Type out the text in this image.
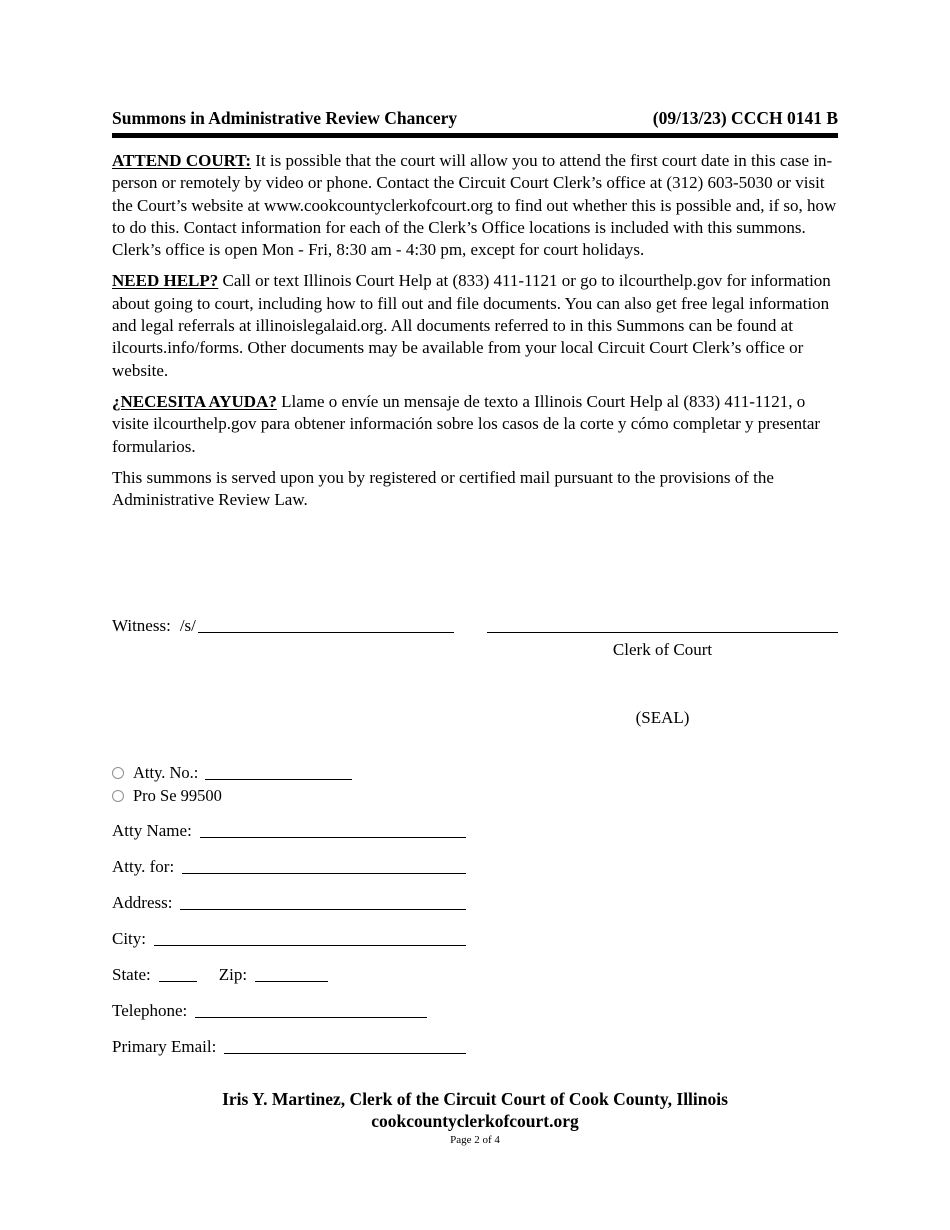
Summons in Administrative Review Chancery	(09/13/23) CCCH 0141 B

ATTEND COURT: It is possible that the court will allow you to attend the first court date in this case in-person or remotely by video or phone. Contact the Circuit Court Clerk’s office at (312) 603-5030 or visit the Court’s website at www.cookcountyclerkofcourt.org to find out whether this is possible and, if so, how to do this. Contact information for each of the Clerk’s Office locations is included with this summons. Clerk’s office is open Mon - Fri, 8:30 am - 4:30 pm, except for court holidays.

NEED HELP? Call or text Illinois Court Help at (833) 411-1121 or go to ilcourthelp.gov for information about going to court, including how to fill out and file documents. You can also get free legal information and legal referrals at illinoislegalaid.org. All documents referred to in this Summons can be found at ilcourts.info/forms. Other documents may be available from your local Circuit Court Clerk’s office or website.

¿NECESITA AYUDA? Llame o envíe un mensaje de texto a Illinois Court Help al (833) 411-1121, o visite ilcourthelp.gov para obtener información sobre los casos de la corte y cómo completar y presentar formularios.

This summons is served upon you by registered or certified mail pursuant to the provisions of the Administrative Review Law.

Witness: /s/
Clerk of Court
(SEAL)
Atty. No.:
Pro Se 99500
Atty Name:
Atty. for:
Address:
City:
State:	Zip:
Telephone:
Primary Email:
Iris Y. Martinez, Clerk of the Circuit Court of Cook County, Illinois
cookcountyclerkofcourt.org
Page 2 of 4
